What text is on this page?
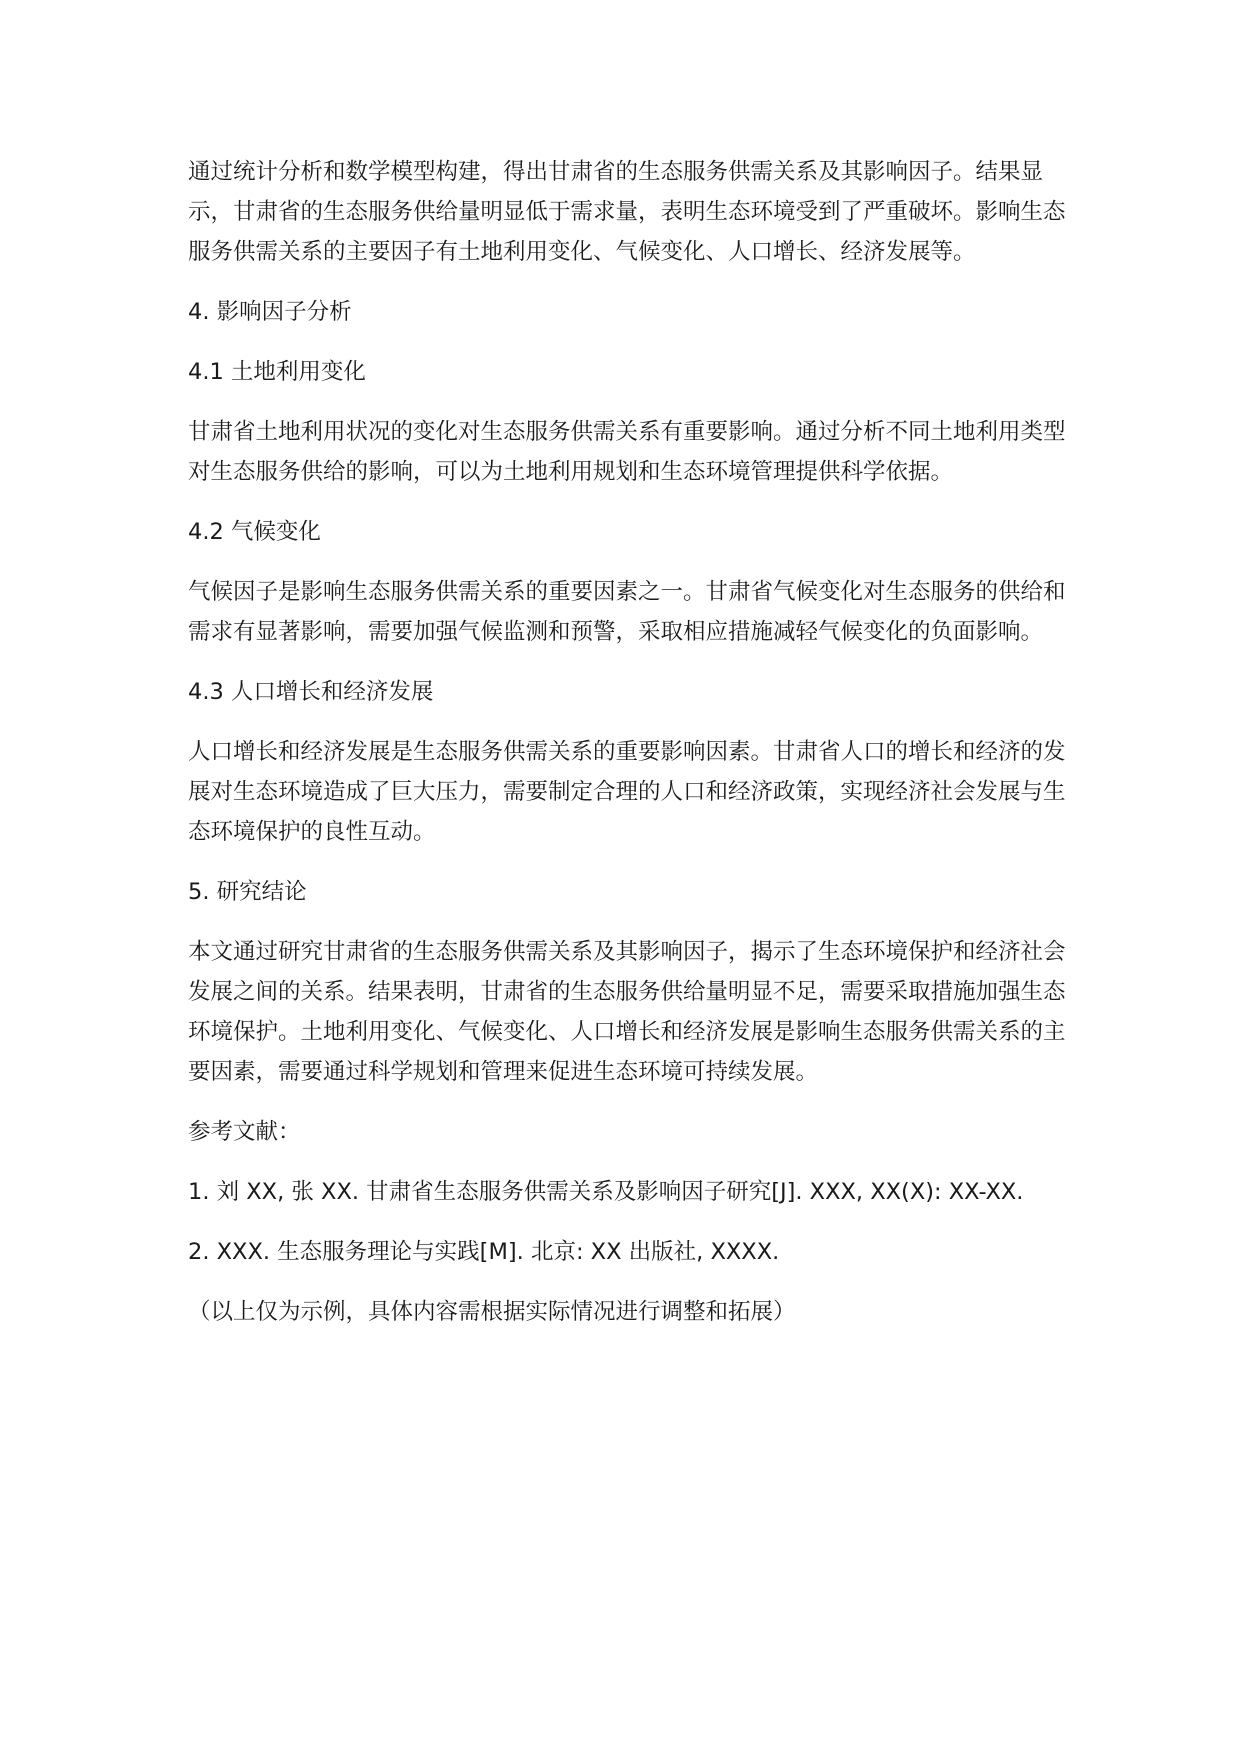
通过统计分析和数学模型构建，得出甘肃省的生态服务供需关系及其影响因子。结果显示，甘肃省的生态服务供给量明显低于需求量，表明生态环境受到了严重破坏。影响生态服务供需关系的主要因子有土地利用变化、气候变化、人口增长、经济发展等。

4. 影响因子分析

4.1 土地利用变化

甘肃省土地利用状况的变化对生态服务供需关系有重要影响。通过分析不同土地利用类型对生态服务供给的影响，可以为土地利用规划和生态环境管理提供科学依据。

4.2 气候变化

气候因子是影响生态服务供需关系的重要因素之一。甘肃省气候变化对生态服务的供给和需求有显著影响，需要加强气候监测和预警，采取相应措施减轻气候变化的负面影响。

4.3 人口增长和经济发展

人口增长和经济发展是生态服务供需关系的重要影响因素。甘肃省人口的增长和经济的发展对生态环境造成了巨大压力，需要制定合理的人口和经济政策，实现经济社会发展与生态环境保护的良性互动。

5. 研究结论

本文通过研究甘肃省的生态服务供需关系及其影响因子，揭示了生态环境保护和经济社会发展之间的关系。结果表明，甘肃省的生态服务供给量明显不足，需要采取措施加强生态环境保护。土地利用变化、气候变化、人口增长和经济发展是影响生态服务供需关系的主要因素，需要通过科学规划和管理来促进生态环境可持续发展。

参考文献：

1. 刘 XX, 张 XX. 甘肃省生态服务供需关系及影响因子研究[J]. XXX, XX(X): XX-XX.

2. XXX. 生态服务理论与实践[M]. 北京: XX 出版社, XXXX.

（以上仅为示例，具体内容需根据实际情况进行调整和拓展）
